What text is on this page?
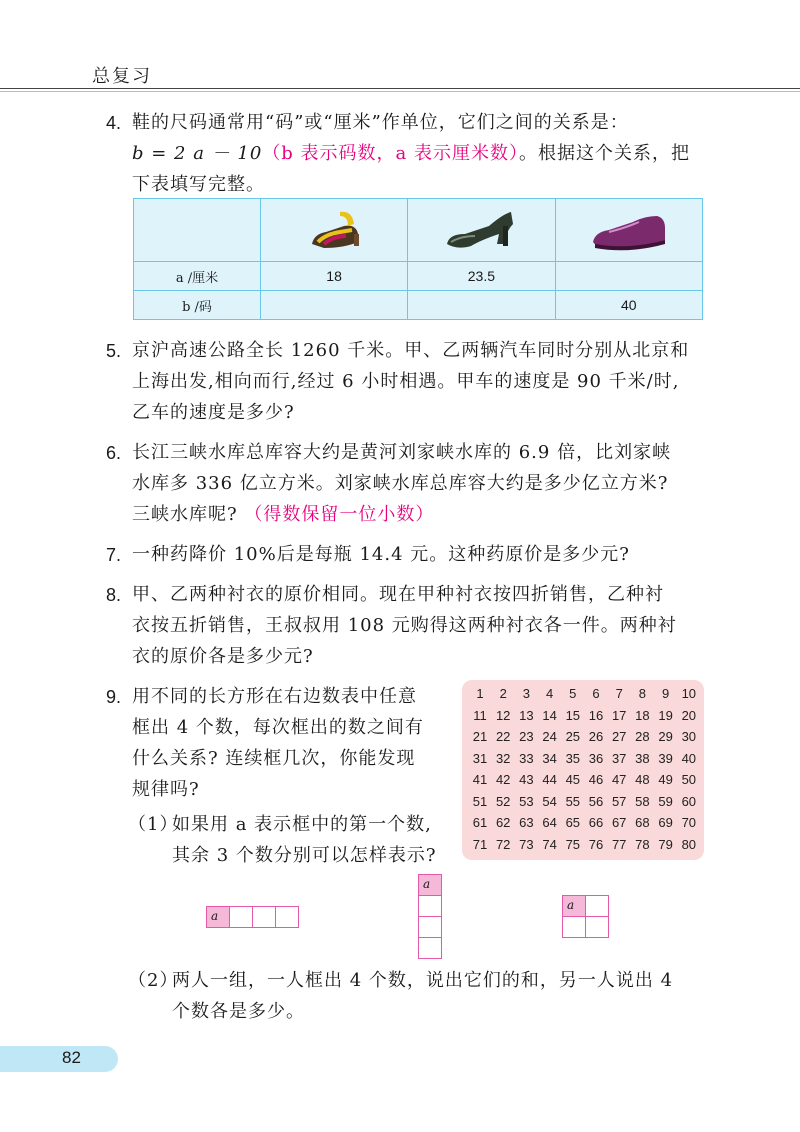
总复习
4. 鞋的尺码通常用“码”或“厘米”作单位，它们之间的关系是：
b = 2 a － 10（b 表示码数，a 表示厘米数）。根据这个关系，把
下表填写完整。

a /厘米	18	23.5	
b /码			40
5. 京沪高速公路全长 1260 千米。甲、乙两辆汽车同时分别从北京和
上海出发,相向而行,经过 6 小时相遇。甲车的速度是 90 千米/时,
乙车的速度是多少?
6. 长江三峡水库总库容大约是黄河刘家峡水库的 6.9 倍，比刘家峡
水库多 336 亿立方米。刘家峡水库总库容大约是多少亿立方米?
三峡水库呢? （得数保留一位小数）
7. 一种药降价 10%后是每瓶 14.4 元。这种药原价是多少元?
8. 甲、乙两种衬衣的原价相同。现在甲种衬衣按四折销售，乙种衬
衣按五折销售，王叔叔用 108 元购得这两种衬衣各一件。两种衬
衣的原价各是多少元?
9. 用不同的长方形在右边数表中任意
框出 4 个数，每次框出的数之间有
什么关系? 连续框几次，你能发现
规律吗?
（1）
如果用 a 表示框中的第一个数,
其余 3 个数分别可以怎样表示?
1	2	3	4	5	6	7	8	9 10
11 12 13 14 15 16 17 18 19 20
21 22 23 24 25 26 27 28 29 30
31 32 33 34 35 36 37 38 39 40
41 42 43 44 45 46 47 48 49 50
51 52 53 54 55 56 57 58 59 60
61 62 63 64 65 66 67 68 69 70
71 72 73 74 75 76 77 78 79 80
a
a
a
（2）
两人一组，一人框出 4 个数，说出它们的和，另一人说出 4
个数各是多少。
82
